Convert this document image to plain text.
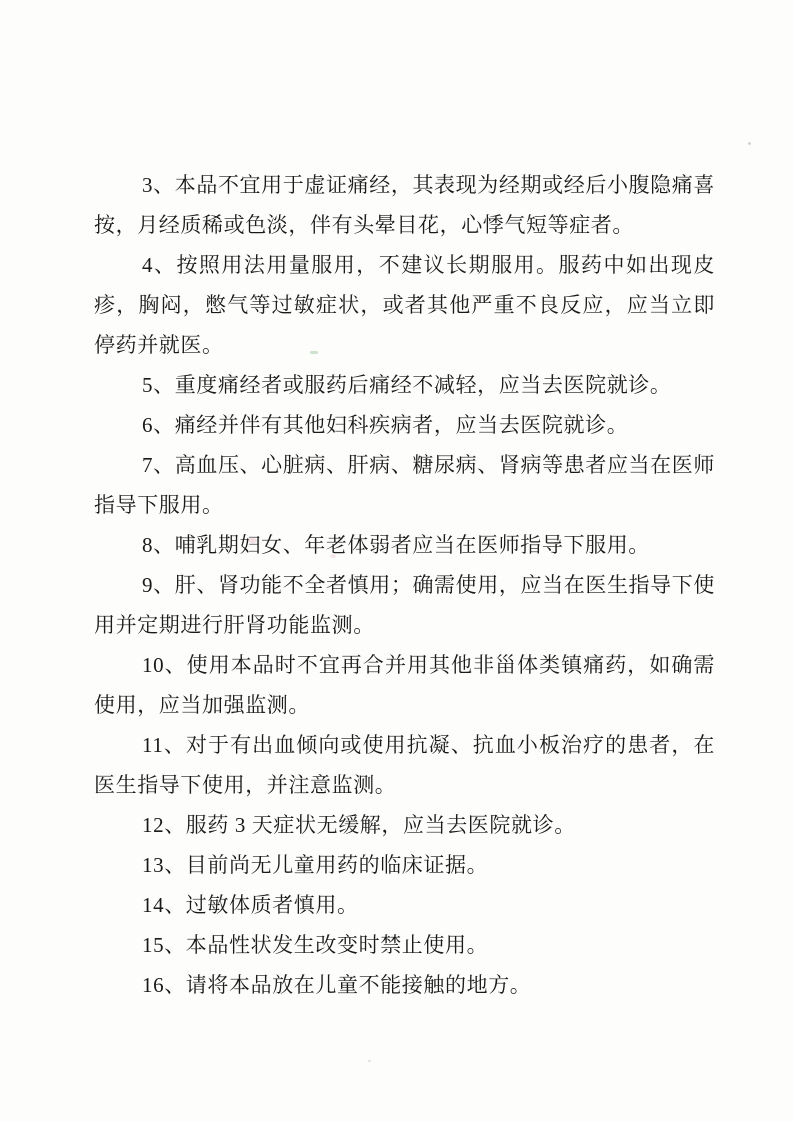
3、本品不宜用于虚证痛经，其表现为经期或经后小腹隐痛喜按，月经质稀或色淡，伴有头晕目花，心悸气短等症者。

4、按照用法用量服用，不建议长期服用。服药中如出现皮疹，胸闷，憋气等过敏症状，或者其他严重不良反应，应当立即停药并就医。

5、重度痛经者或服药后痛经不减轻，应当去医院就诊。

6、痛经并伴有其他妇科疾病者，应当去医院就诊。

7、高血压、心脏病、肝病、糖尿病、肾病等患者应当在医师指导下服用。

8、哺乳期妇女、年老体弱者应当在医师指导下服用。

9、肝、肾功能不全者慎用；确需使用，应当在医生指导下使用并定期进行肝肾功能监测。

10、使用本品时不宜再合并用其他非甾体类镇痛药，如确需使用，应当加强监测。

11、对于有出血倾向或使用抗凝、抗血小板治疗的患者，在医生指导下使用，并注意监测。

12、服药 3 天症状无缓解，应当去医院就诊。

13、目前尚无儿童用药的临床证据。

14、过敏体质者慎用。

15、本品性状发生改变时禁止使用。

16、请将本品放在儿童不能接触的地方。
